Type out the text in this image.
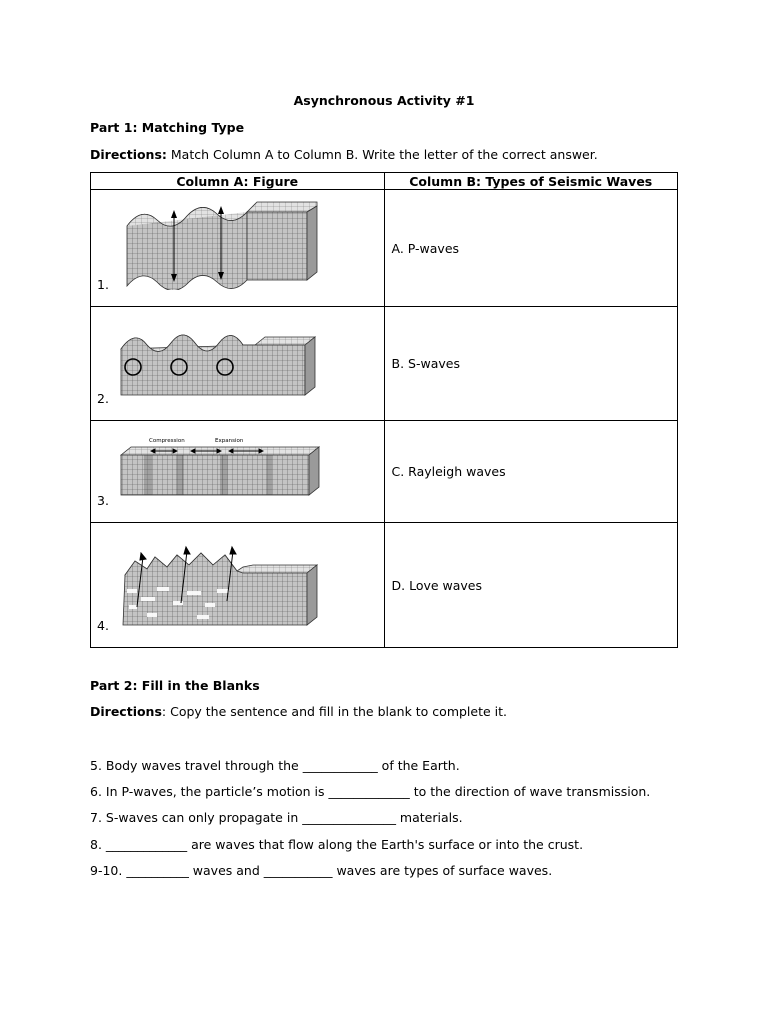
Asynchronous Activity #1
Part 1: Matching Type
Directions: Match Column A to Column B. Write the letter of the correct answer.
Column A: Figure	Column B: Types of Seismic Waves

1.	A. P-waves

2.	B. S-waves

Compression Expansion
3.	C. Rayleigh waves

4.	D. Love waves
Part 2: Fill in the Blanks
Directions: Copy the sentence and fill in the blank to complete it.
5. Body waves travel through the ____________ of the Earth.
6. In P-waves, the particle’s motion is _____________ to the direction of wave transmission.
7. S-waves can only propagate in _______________ materials.
8. _____________ are waves that flow along the Earth's surface or into the crust.
9-10. __________ waves and ___________ waves are types of surface waves.
